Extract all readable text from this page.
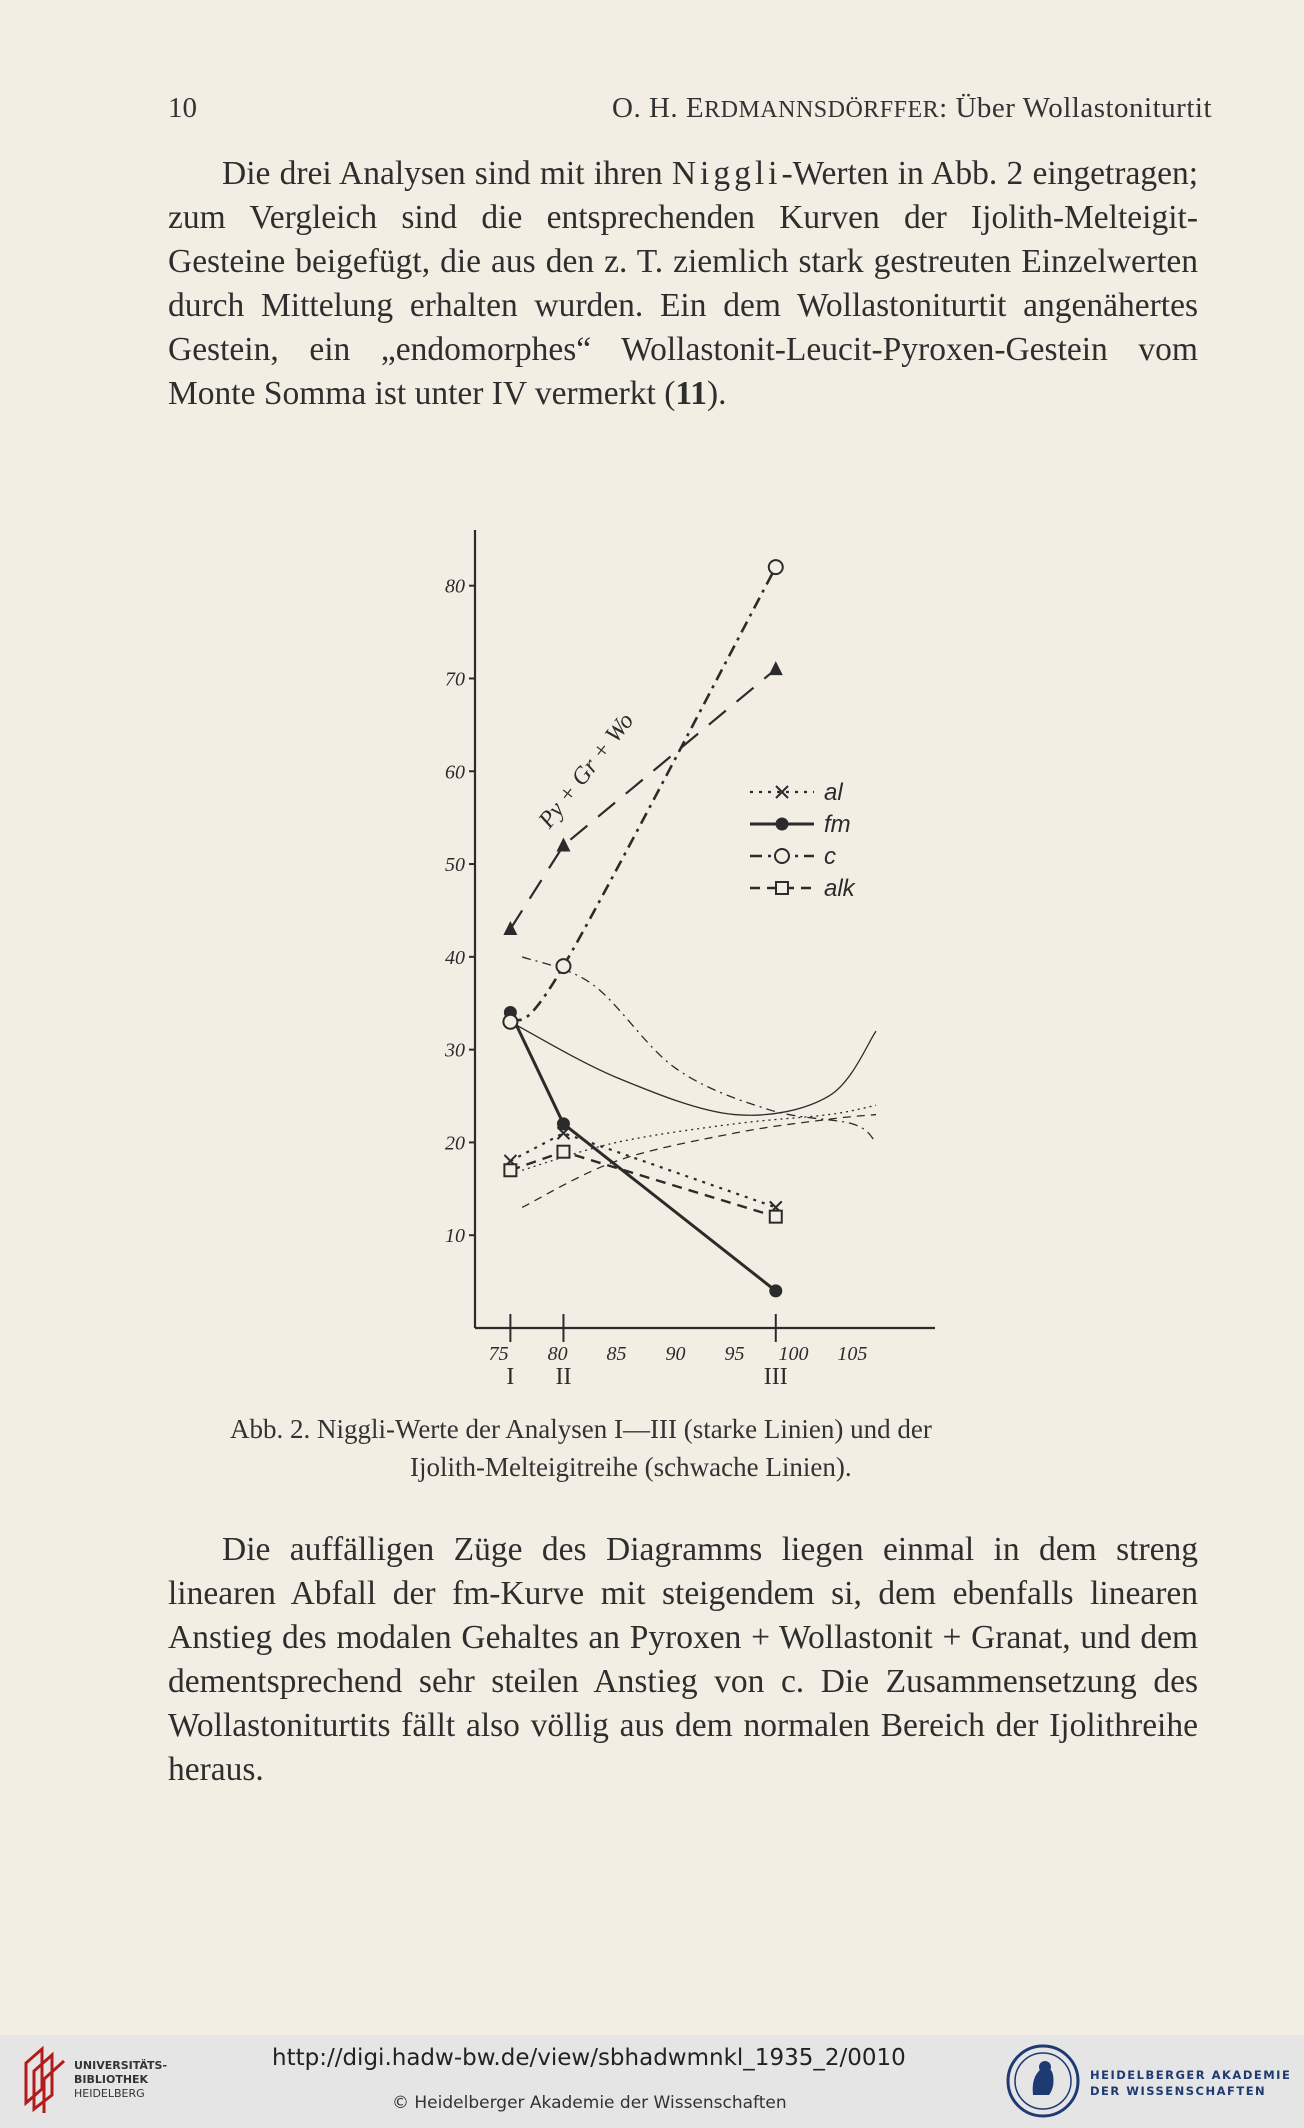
10	O. H. ERDMANNSDÖRFFER: Über Wollastoniturtit
Die drei Analysen sind mit ihren Niggli-Werten in Abb. 2 eingetragen; zum Vergleich sind die entsprechenden Kurven der Ijolith-Melteigit-Gesteine beigefügt, die aus den z. T. ziemlich stark gestreuten Einzelwerten durch Mittelung erhalten wurden. Ein dem Wollastoniturtit angenähertes Gestein, ein „endomorphes“ Wollastonit-Leucit-Pyroxen-Gestein vom Monte Somma ist unter IV vermerkt (11).
al
fm
c
alk
10
20
30
40
50
60
70
80
75 80 85 90 95 100 105
I II	III
Py + Gr + Wo
Abb. 2. Niggli-Werte der Analysen I—III (starke Linien) und der
Ijolith-Melteigitreihe (schwache Linien).
Die auffälligen Züge des Diagramms liegen einmal in dem streng linearen Abfall der fm-Kurve mit steigendem si, dem ebenfalls linearen Anstieg des modalen Gehaltes an Pyroxen + Wollastonit + Granat, und dem dementsprechend sehr steilen Anstieg von c. Die Zusammensetzung des Wollastoniturtits fällt also völlig aus dem normalen Bereich der Ijolithreihe heraus.
UNIVERSITÄTS-
BIBLIOTHEK
HEIDELBERG
http://digi.hadw-bw.de/view/sbhadwmnkl_1935_2/0010
© Heidelberger Akademie der Wissenschaften
HEIDELBERGER AKADEMIE
DER WISSENSCHAFTEN
